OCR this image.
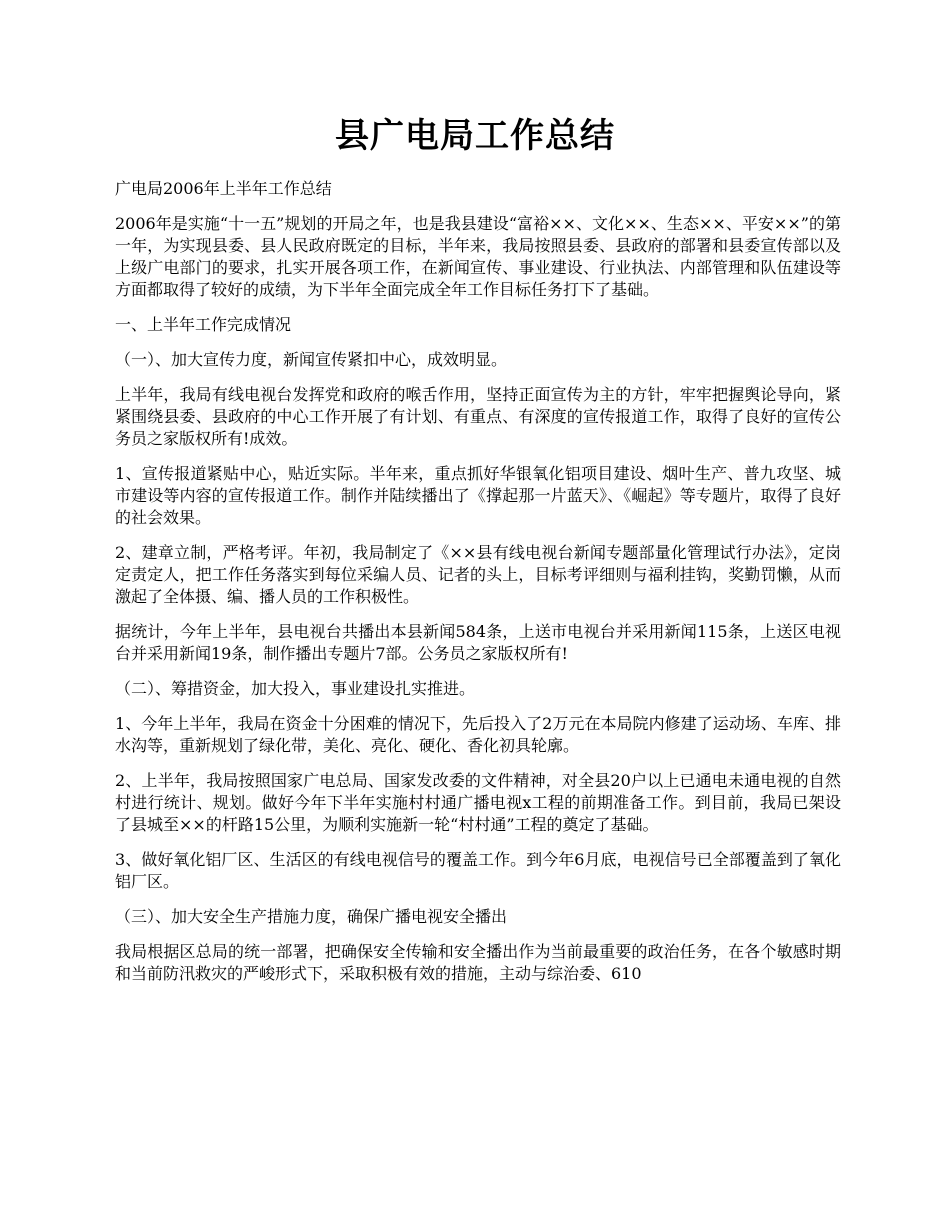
县广电局工作总结

广电局2006年上半年工作总结

2006年是实施“十一五”规划的开局之年，也是我县建设“富裕××、文化××、生态××、平安××”的第一年，为实现县委、县人民政府既定的目标，半年来，我局按照县委、县政府的部署和县委宣传部以及上级广电部门的要求，扎实开展各项工作，在新闻宣传、事业建设、行业执法、内部管理和队伍建设等方面都取得了较好的成绩，为下半年全面完成全年工作目标任务打下了基础。

一、上半年工作完成情况

（一）、加大宣传力度，新闻宣传紧扣中心，成效明显。

上半年，我局有线电视台发挥党和政府的喉舌作用，坚持正面宣传为主的方针，牢牢把握舆论导向，紧紧围绕县委、县政府的中心工作开展了有计划、有重点、有深度的宣传报道工作，取得了良好的宣传公务员之家版权所有!成效。

1、宣传报道紧贴中心，贴近实际。半年来，重点抓好华银氧化铝项目建设、烟叶生产、普九攻坚、城市建设等内容的宣传报道工作。制作并陆续播出了《撑起那一片蓝天》、《崛起》等专题片，取得了良好的社会效果。

2、建章立制，严格考评。年初，我局制定了《××县有线电视台新闻专题部量化管理试行办法》，定岗定责定人，把工作任务落实到每位采编人员、记者的头上，目标考评细则与福利挂钩，奖勤罚懒，从而激起了全体摄、编、播人员的工作积极性。

据统计，今年上半年，县电视台共播出本县新闻584条，上送市电视台并采用新闻115条，上送区电视台并采用新闻19条，制作播出专题片7部。公务员之家版权所有!

（二）、筹措资金，加大投入，事业建设扎实推进。

1、今年上半年，我局在资金十分困难的情况下，先后投入了2万元在本局院内修建了运动场、车库、排水沟等，重新规划了绿化带，美化、亮化、硬化、香化初具轮廓。

2、上半年，我局按照国家广电总局、国家发改委的文件精神，对全县20户以上已通电未通电视的自然村进行统计、规划。做好今年下半年实施村村通广播电视x工程的前期准备工作。到目前，我局已架设了县城至××的杆路15公里，为顺利实施新一轮“村村通”工程的奠定了基础。

3、做好氧化铝厂区、生活区的有线电视信号的覆盖工作。到今年6月底，电视信号已全部覆盖到了氧化铝厂区。

（三）、加大安全生产措施力度，确保广播电视安全播出

我局根据区总局的统一部署，把确保安全传输和安全播出作为当前最重要的政治任务，在各个敏感时期和当前防汛救灾的严峻形式下，采取积极有效的措施，主动与综治委、610
